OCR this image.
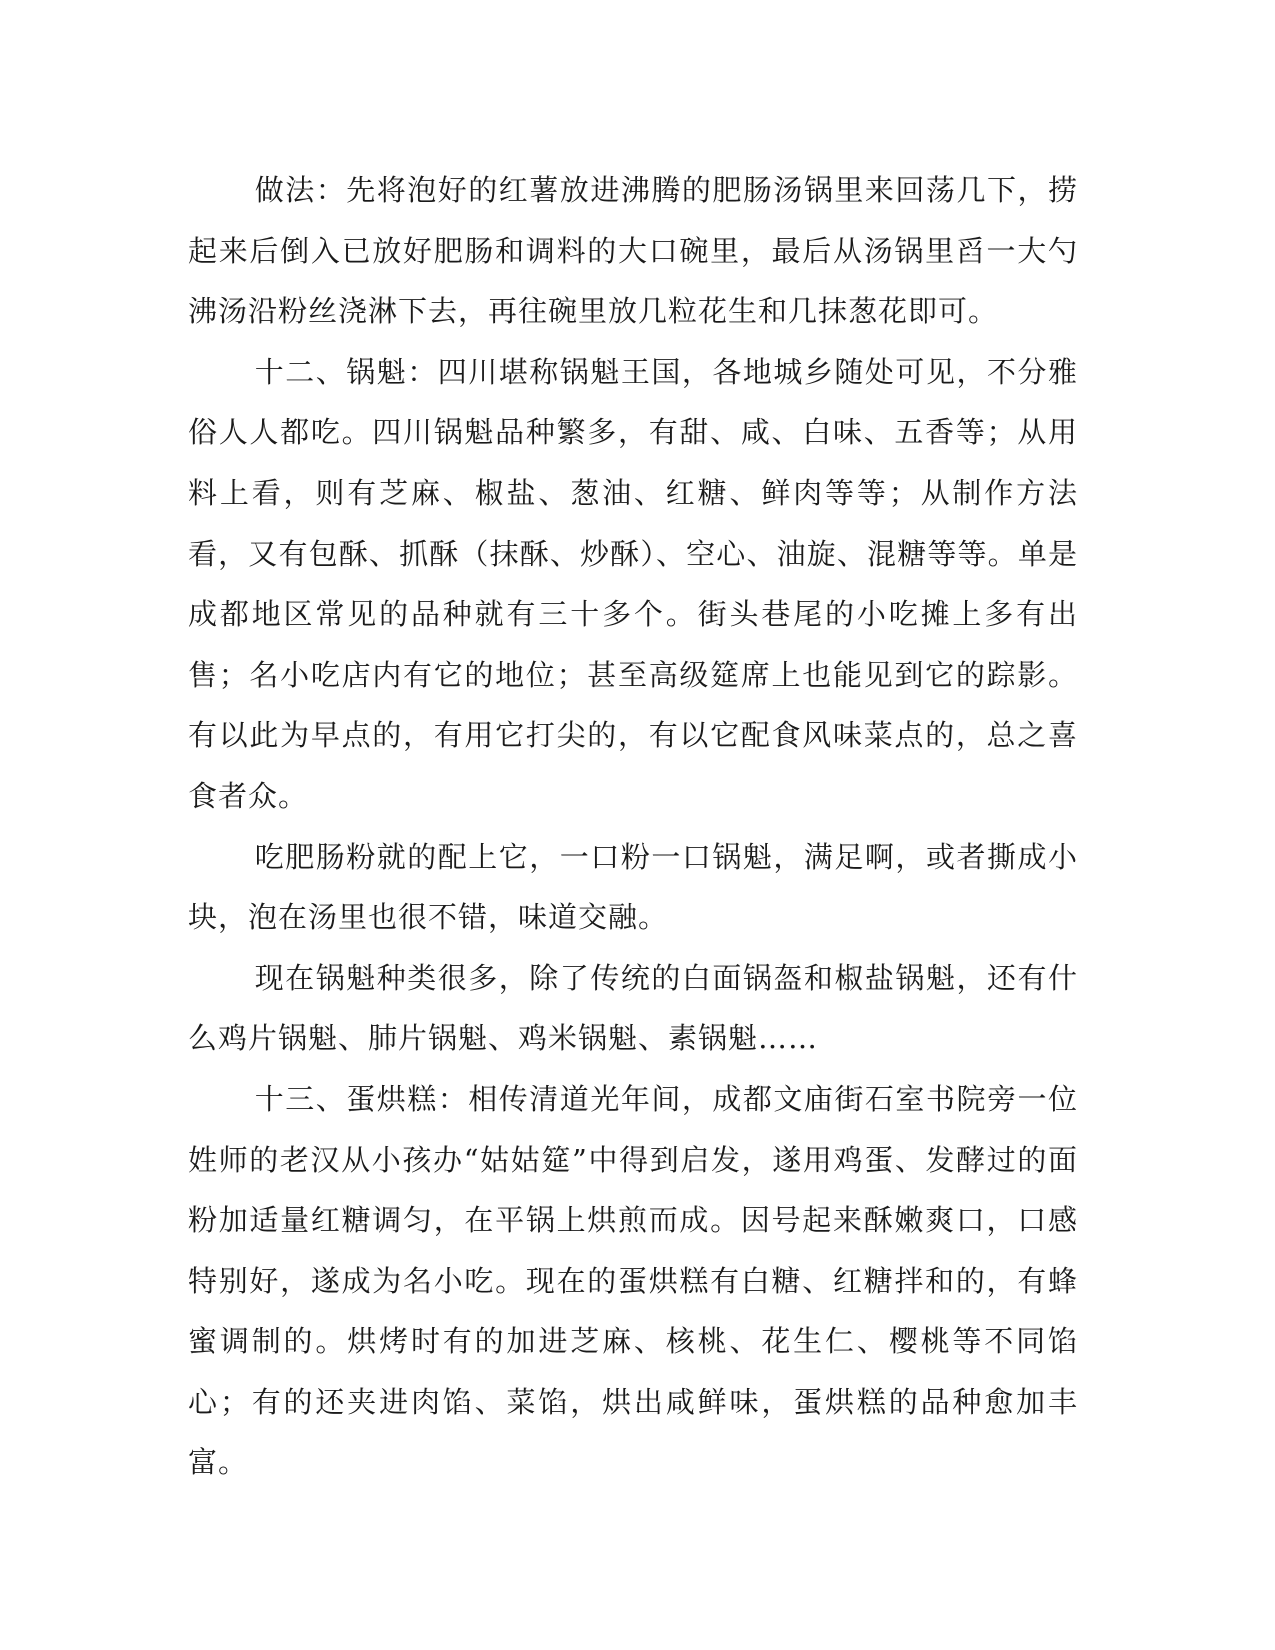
做法：先将泡好的红薯放进沸腾的肥肠汤锅里来回荡几下，捞起来后倒入已放好肥肠和调料的大口碗里，最后从汤锅里舀一大勺沸汤沿粉丝浇淋下去，再往碗里放几粒花生和几抹葱花即可。

十二、锅魁：四川堪称锅魁王国，各地城乡随处可见，不分雅俗人人都吃。四川锅魁品种繁多，有甜、咸、白味、五香等；从用料上看，则有芝麻、椒盐、葱油、红糖、鲜肉等等；从制作方法看，又有包酥、抓酥（抹酥、炒酥）、空心、油旋、混糖等等。单是成都地区常见的品种就有三十多个。街头巷尾的小吃摊上多有出售；名小吃店内有它的地位；甚至高级筵席上也能见到它的踪影。有以此为早点的，有用它打尖的，有以它配食风味菜点的，总之喜食者众。

吃肥肠粉就的配上它，一口粉一口锅魁，满足啊，或者撕成小块，泡在汤里也很不错，味道交融。

现在锅魁种类很多，除了传统的白面锅盔和椒盐锅魁，还有什么鸡片锅魁、肺片锅魁、鸡米锅魁、素锅魁……

十三、蛋烘糕：相传清道光年间，成都文庙街石室书院旁一位姓师的老汉从小孩办“姑姑筵”中得到启发，遂用鸡蛋、发酵过的面粉加适量红糖调匀，在平锅上烘煎而成。因号起来酥嫩爽口，口感特别好，遂成为名小吃。现在的蛋烘糕有白糖、红糖拌和的，有蜂蜜调制的。烘烤时有的加进芝麻、核桃、花生仁、樱桃等不同馅心；有的还夹进肉馅、菜馅，烘出咸鲜味，蛋烘糕的品种愈加丰富。
